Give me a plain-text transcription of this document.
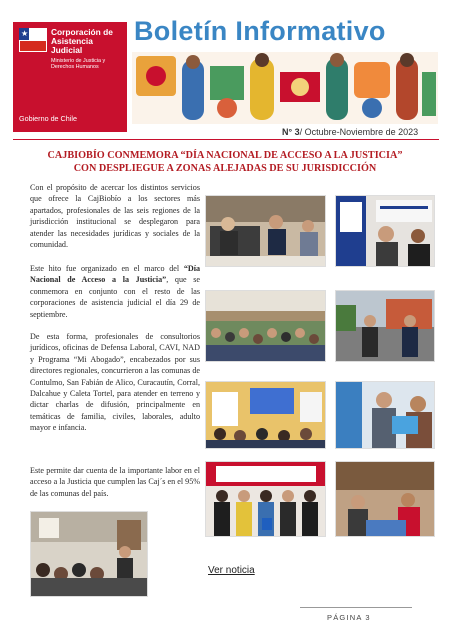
★	Corporación de Asistencia Judicial
Ministerio de Justicia y Derechos Humanos
Gobierno de Chile
Boletín Informativo
N° 3/ Octubre-Noviembre de 2023
CAJBIOBÍO CONMEMORA “DÍA NACIONAL DE ACCESO A LA JUSTICIA”
CON DESPLIEGUE A ZONAS ALEJADAS DE SU JURISDICCIÓN

Con el propósito de acercar los distintos servicios que ofrece la CajBiobío a los sectores más apartados, profesionales de las seis regiones de la jurisdicción institucional se desplegaron para atender las necesidades jurídicas y sociales de la comunidad.

Este hito fue organizado en el marco del “Día Nacional de Acceso a la Justicia”, que se conmemora en conjunto con el resto de las corporaciones de asistencia judicial el día 29 de septiembre.

De esta forma, profesionales de consultorios jurídicos, oficinas de Defensa Laboral, CAVI, NAD y Programa “Mi Abogado”, encabezados por sus directores regionales, concurrieron a las comunas de Contulmo, San Fabián de Alico, Curacautín, Corral, Dalcahue y Caleta Tortel, para atender en terreno y dictar charlas de difusión, principalmente en temáticas de familia, civiles, laborales, adulto mayor e infancia.

Este permite dar cuenta de la importante labor en el acceso a la Justicia que cumplen las Caj´s en el 95% de las comunas del país.

Ver noticia
PÁGINA 3
